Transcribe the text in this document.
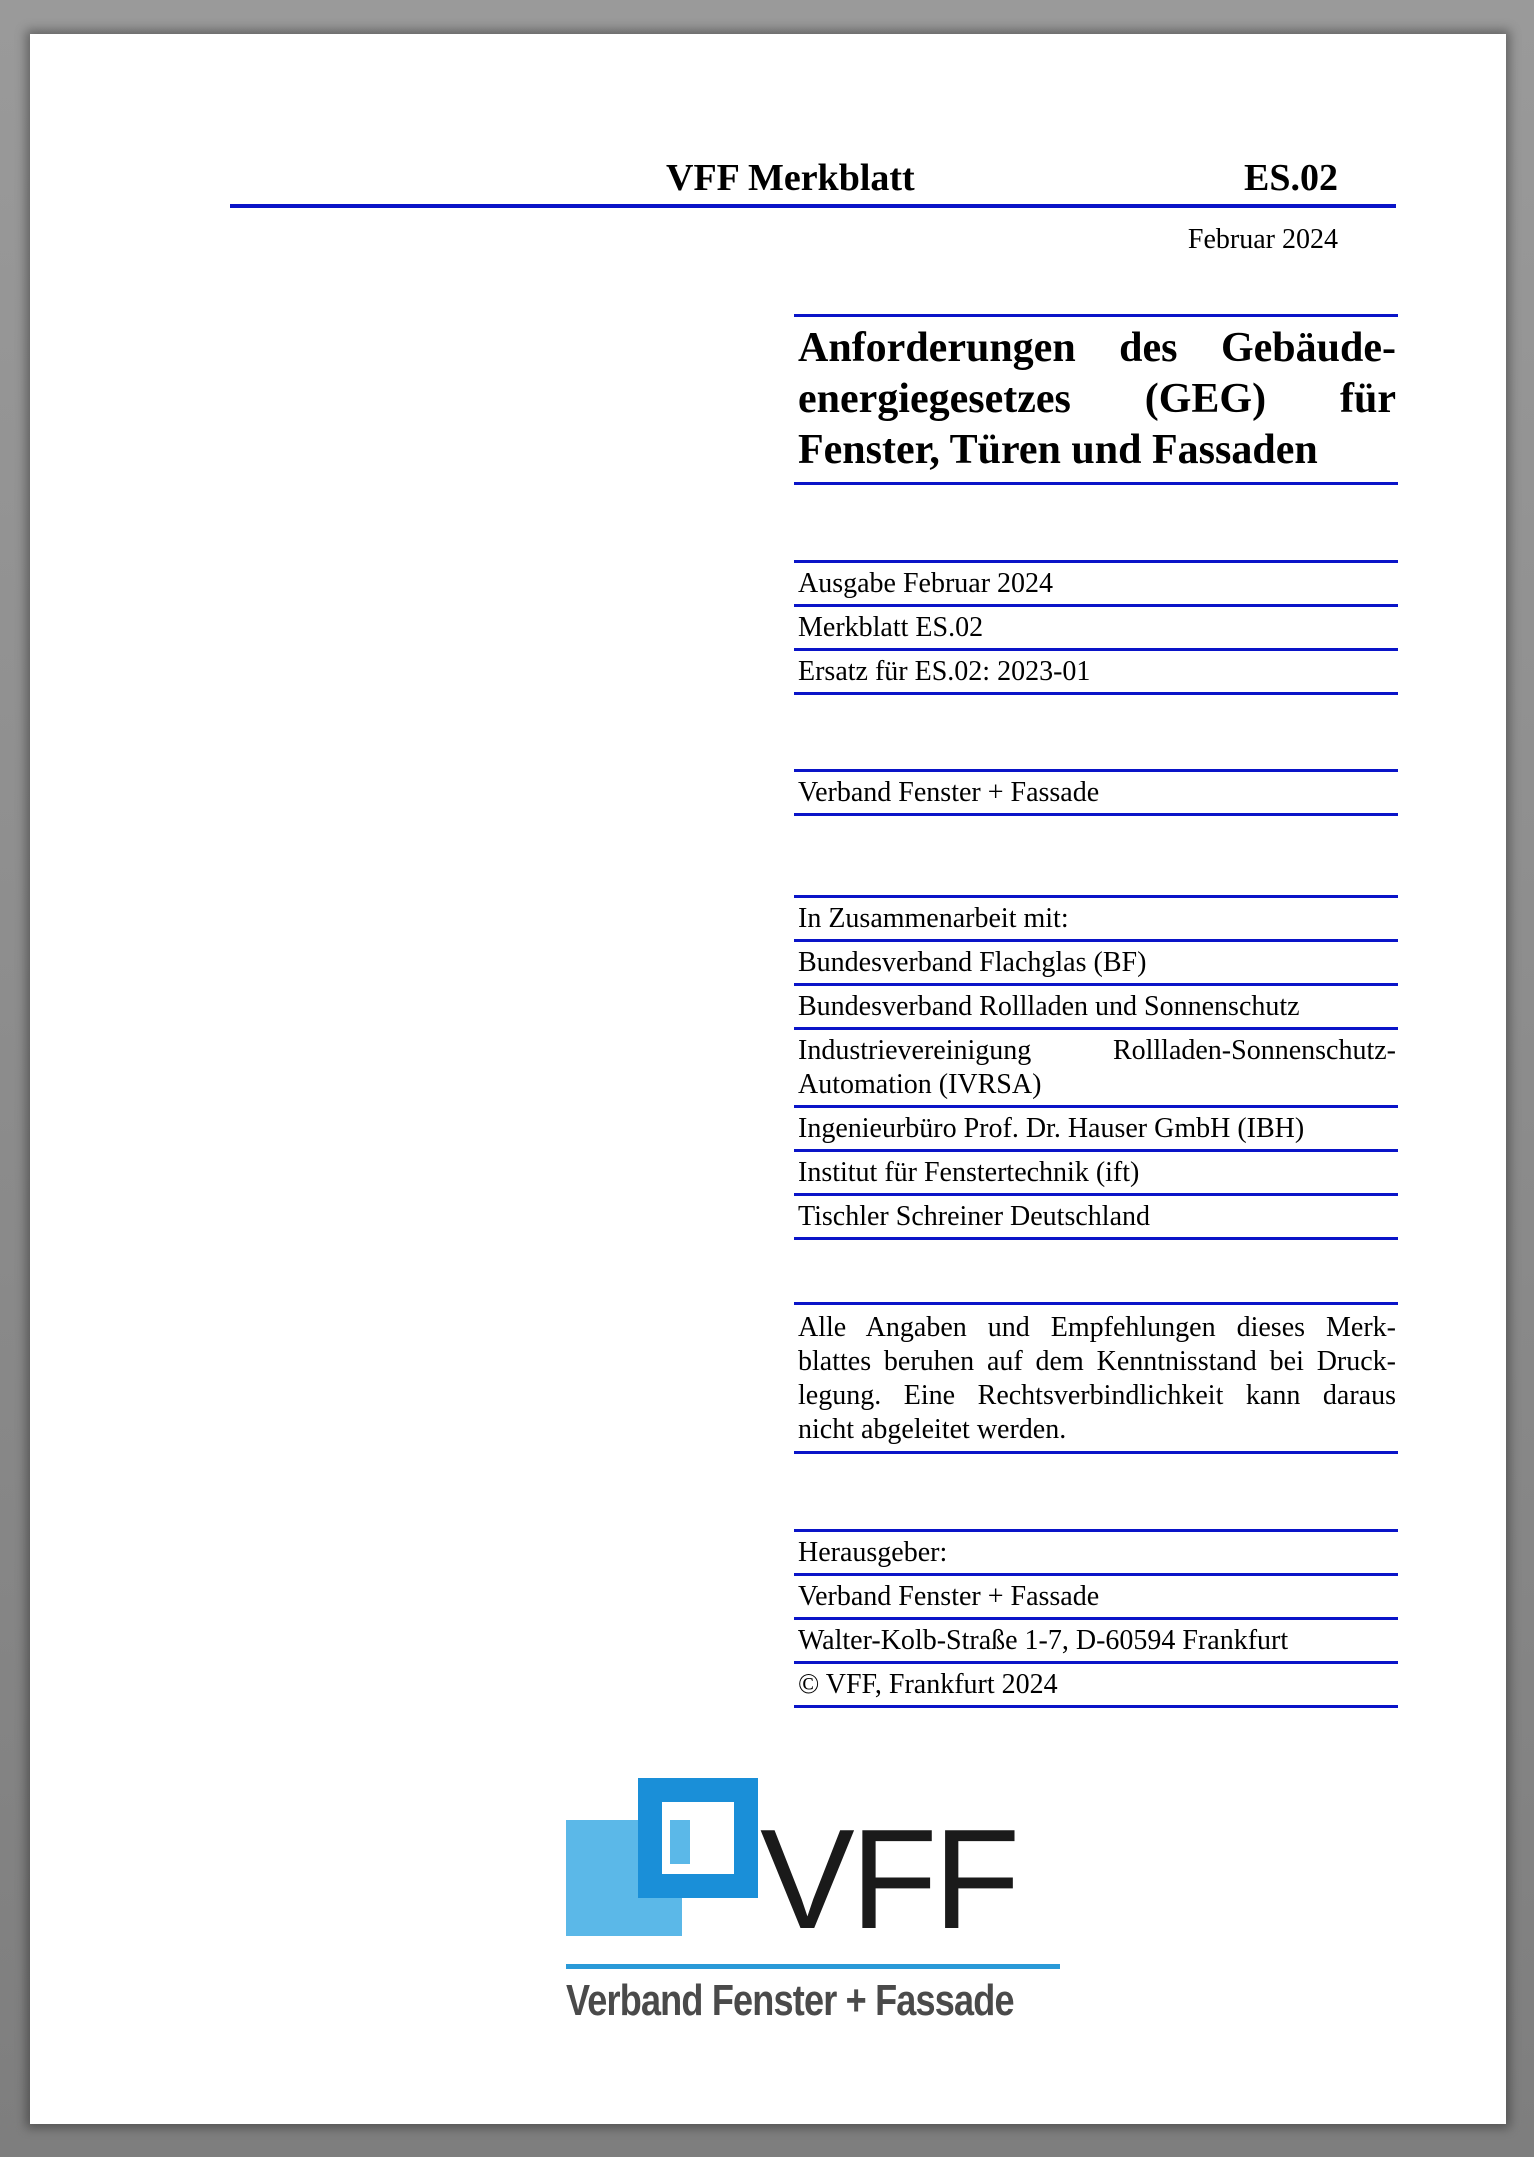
VFF Merkblatt	ES.02
Februar 2024
Anforderungen des Gebäude-energiegesetzes (GEG) für Fenster, Türen und Fassaden
Ausgabe Februar 2024
Merkblatt ES.02
Ersatz für ES.02: 2023-01
Verband Fenster + Fassade
In Zusammenarbeit mit:
Bundesverband Flachglas (BF)
Bundesverband Rollladen und Sonnenschutz
Industrievereinigung Rollladen-Sonnenschutz-Automation (IVRSA)
Ingenieurbüro Prof. Dr. Hauser GmbH (IBH)
Institut für Fenstertechnik (ift)
Tischler Schreiner Deutschland
Alle Angaben und Empfehlungen dieses Merk-blattes beruhen auf dem Kenntnisstand bei Druck-legung. Eine Rechtsverbindlichkeit kann daraus nicht abgeleitet werden.
Herausgeber:
Verband Fenster + Fassade
Walter-Kolb-Straße 1-7, D-60594 Frankfurt
© VFF, Frankfurt 2024
VFF
Verband Fenster + Fassade
